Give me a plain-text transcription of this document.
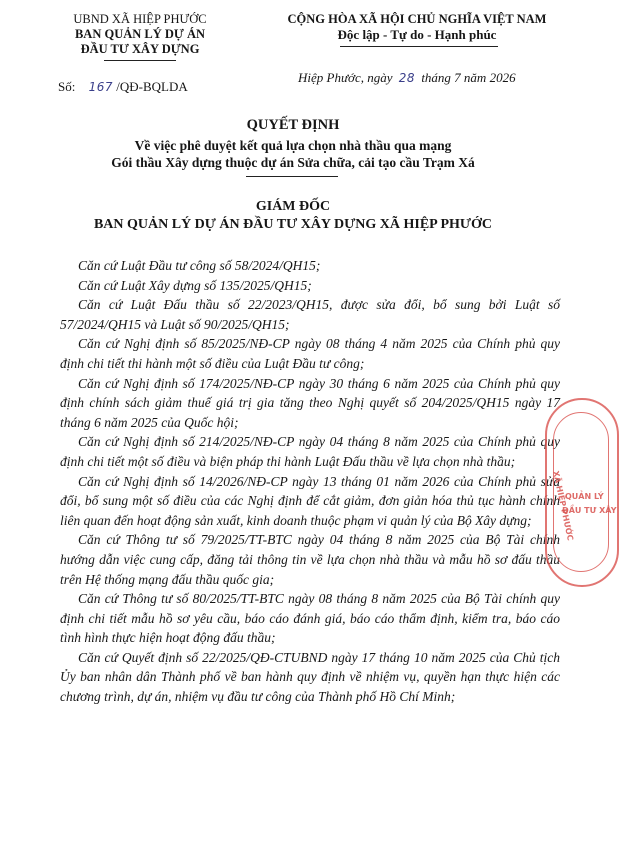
UBND XÃ HIỆP PHƯỚC
BAN QUẢN LÝ DỰ ÁN
ĐẦU TƯ XÂY DỰNG
Số: 167 /QĐ-BQLDA
CỘNG HÒA XÃ HỘI CHỦ NGHĨA VIỆT NAM
Độc lập - Tự do - Hạnh phúc
Hiệp Phước, ngày 28 tháng 7 năm 2026
QUYẾT ĐỊNH
Về việc phê duyệt kết quả lựa chọn nhà thầu qua mạng
Gói thầu Xây dựng thuộc dự án Sửa chữa, cải tạo cầu Trạm Xá
GIÁM ĐỐC
BAN QUẢN LÝ DỰ ÁN ĐẦU TƯ XÂY DỰNG XÃ HIỆP PHƯỚC

Căn cứ Luật Đầu tư công số 58/2024/QH15;

Căn cứ Luật Xây dựng số 135/2025/QH15;

Căn cứ Luật Đấu thầu số 22/2023/QH15, được sửa đổi, bổ sung bởi Luật số 57/2024/QH15 và Luật số 90/2025/QH15;

Căn cứ Nghị định số 85/2025/NĐ-CP ngày 08 tháng 4 năm 2025 của Chính phủ quy định chi tiết thi hành một số điều của Luật Đầu tư công;

Căn cứ Nghị định số 174/2025/NĐ-CP ngày 30 tháng 6 năm 2025 của Chính phủ quy định chính sách giảm thuế giá trị gia tăng theo Nghị quyết số 204/2025/QH15 ngày 17 tháng 6 năm 2025 của Quốc hội;

Căn cứ Nghị định số 214/2025/NĐ-CP ngày 04 tháng 8 năm 2025 của Chính phủ quy định chi tiết một số điều và biện pháp thi hành Luật Đấu thầu về lựa chọn nhà thầu;

Căn cứ Nghị định số 14/2026/NĐ-CP ngày 13 tháng 01 năm 2026 của Chính phủ sửa đổi, bổ sung một số điều của các Nghị định để cắt giảm, đơn giản hóa thủ tục hành chính liên quan đến hoạt động sản xuất, kinh doanh thuộc phạm vi quản lý của Bộ Xây dựng;

Căn cứ Thông tư số 79/2025/TT-BTC ngày 04 tháng 8 năm 2025 của Bộ Tài chính hướng dẫn việc cung cấp, đăng tải thông tin về lựa chọn nhà thầu và mẫu hồ sơ đấu thầu trên Hệ thống mạng đấu thầu quốc gia;

Căn cứ Thông tư số 80/2025/TT-BTC ngày 08 tháng 8 năm 2025 của Bộ Tài chính quy định chi tiết mẫu hồ sơ yêu cầu, báo cáo đánh giá, báo cáo thẩm định, kiểm tra, báo cáo tình hình thực hiện hoạt động đấu thầu;

Căn cứ Quyết định số 22/2025/QĐ-CTUBND ngày 17 tháng 10 năm 2025 của Chủ tịch Ủy ban nhân dân Thành phố về ban hành quy định về nhiệm vụ, quyền hạn thực hiện các chương trình, dự án, nhiệm vụ đầu tư công của Thành phố Hồ Chí Minh;

XÃ HIỆP PHƯỚC
QUẢN LÝ
ĐẦU TƯ XÂY
